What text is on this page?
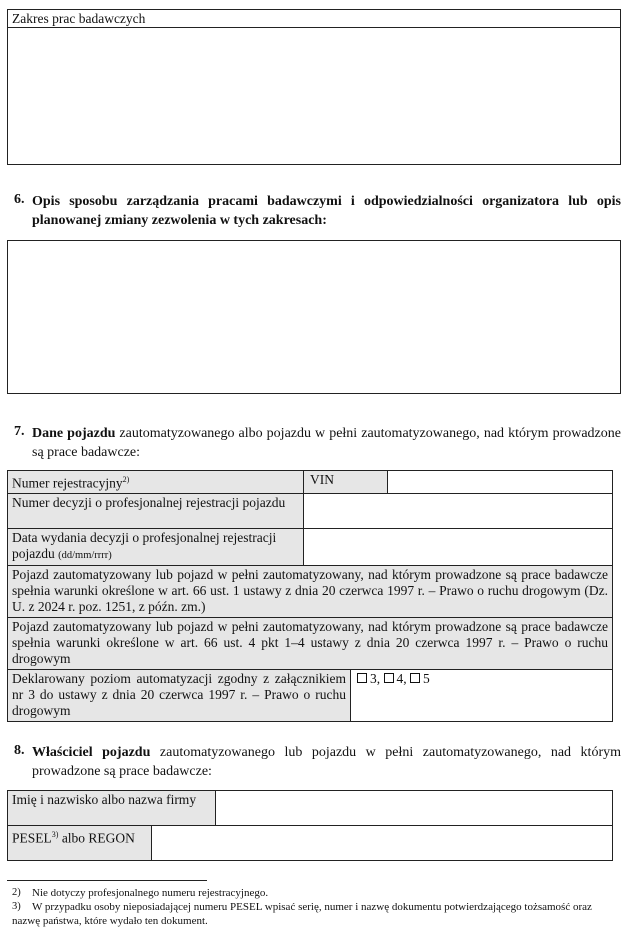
Zakres prac badawczych
6. Opis sposobu zarządzania pracami badawczymi i odpowiedzialności organizatora lub opis planowanej zmiany zezwolenia w tych zakresach:
7. Dane pojazdu zautomatyzowanego albo pojazdu w pełni zautomatyzowanego, nad którym prowadzone są prace badawcze:
Numer rejestracyjny$^{2)}$	VIN		
Numer decyzji o profesjonalnej rejestracji pojazdu			
Data wydania decyzji o profesjonalnej rejestracji pojazdu (dd/mm/rrrr)			
Pojazd zautomatyzowany lub pojazd w pełni zautomatyzowany, nad którym prowadzone są prace badawcze spełnia warunki określone w art. 66 ust. 1 ustawy z dnia 20 czerwca 1997 r. – Prawo o ruchu drogowym (Dz. U. z 2024 r. poz. 1251, z późn. zm.)			
Pojazd zautomatyzowany lub pojazd w pełni zautomatyzowany, nad którym prowadzone są prace badawcze spełnia warunki określone w art. 66 ust. 4 pkt 1–4 ustawy z dnia 20 czerwca 1997 r. – Prawo o ruchu drogowym			
Deklarowany poziom automatyzacji zgodny z załącznikiem nr 3 do ustawy z dnia 20 czerwca 1997 r. – Prawo o ruchu drogowym		3, 4, 5	
8. Właściciel pojazdu zautomatyzowanego lub pojazdu w pełni zautomatyzowanego, nad którym prowadzone są prace badawcze:
Imię i nazwisko albo nazwa firmy		
PESEL$^{3)}$ albo REGON		
2) Nie dotyczy profesjonalnego numeru rejestracyjnego.
3)	W przypadku osoby nieposiadającej numeru PESEL wpisać serię, numer i nazwę dokumentu potwierdzającego tożsamość oraz nazwę państwa, które wydało ten dokument.
